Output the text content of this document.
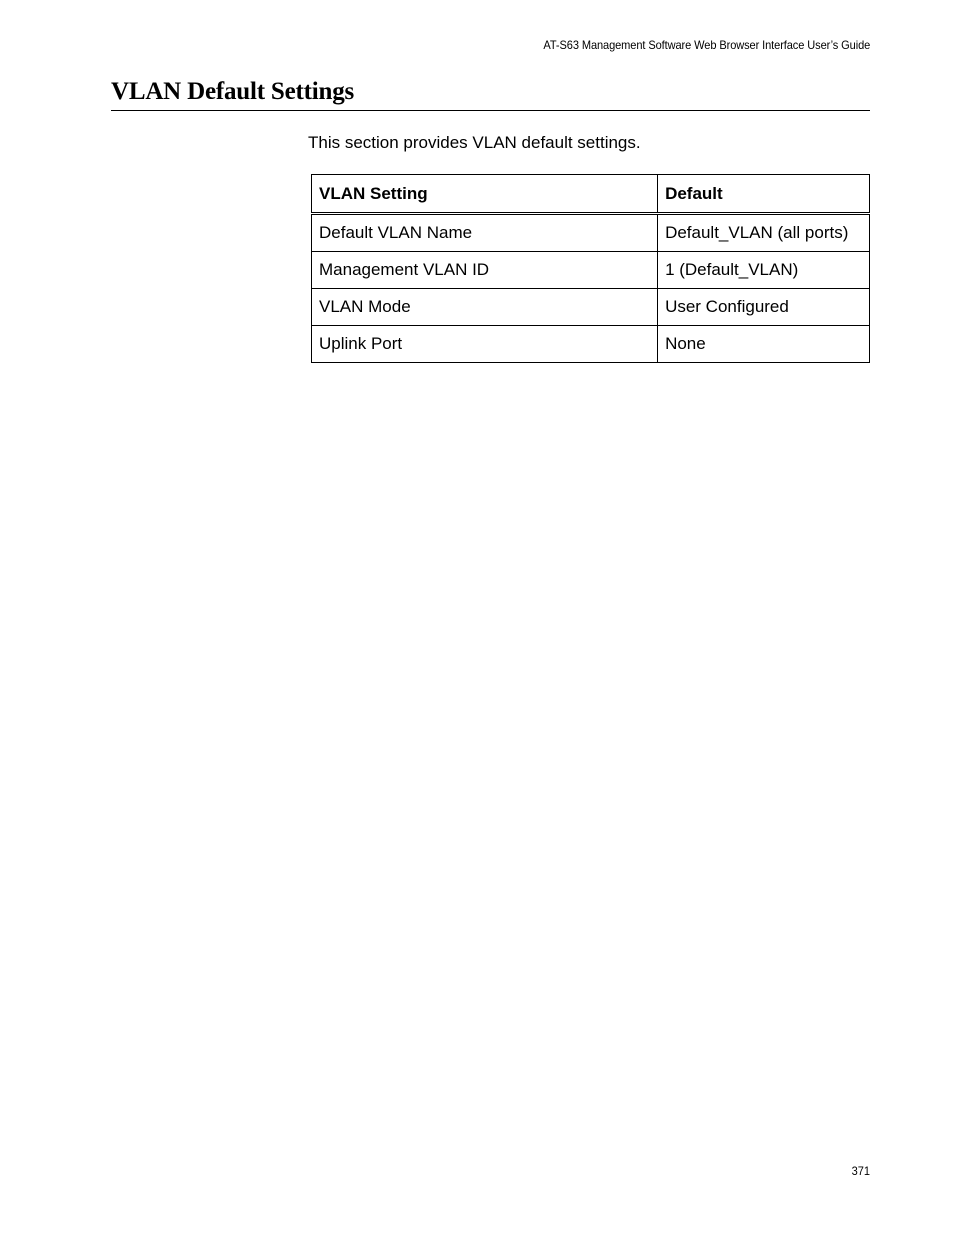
AT-S63 Management Software Web Browser Interface User’s Guide
VLAN Default Settings

This section provides VLAN default settings.

VLAN Setting	Default
Default VLAN Name	Default_VLAN (all ports)
Management VLAN ID	1 (Default_VLAN)
VLAN Mode	User Configured
Uplink Port	None
371
